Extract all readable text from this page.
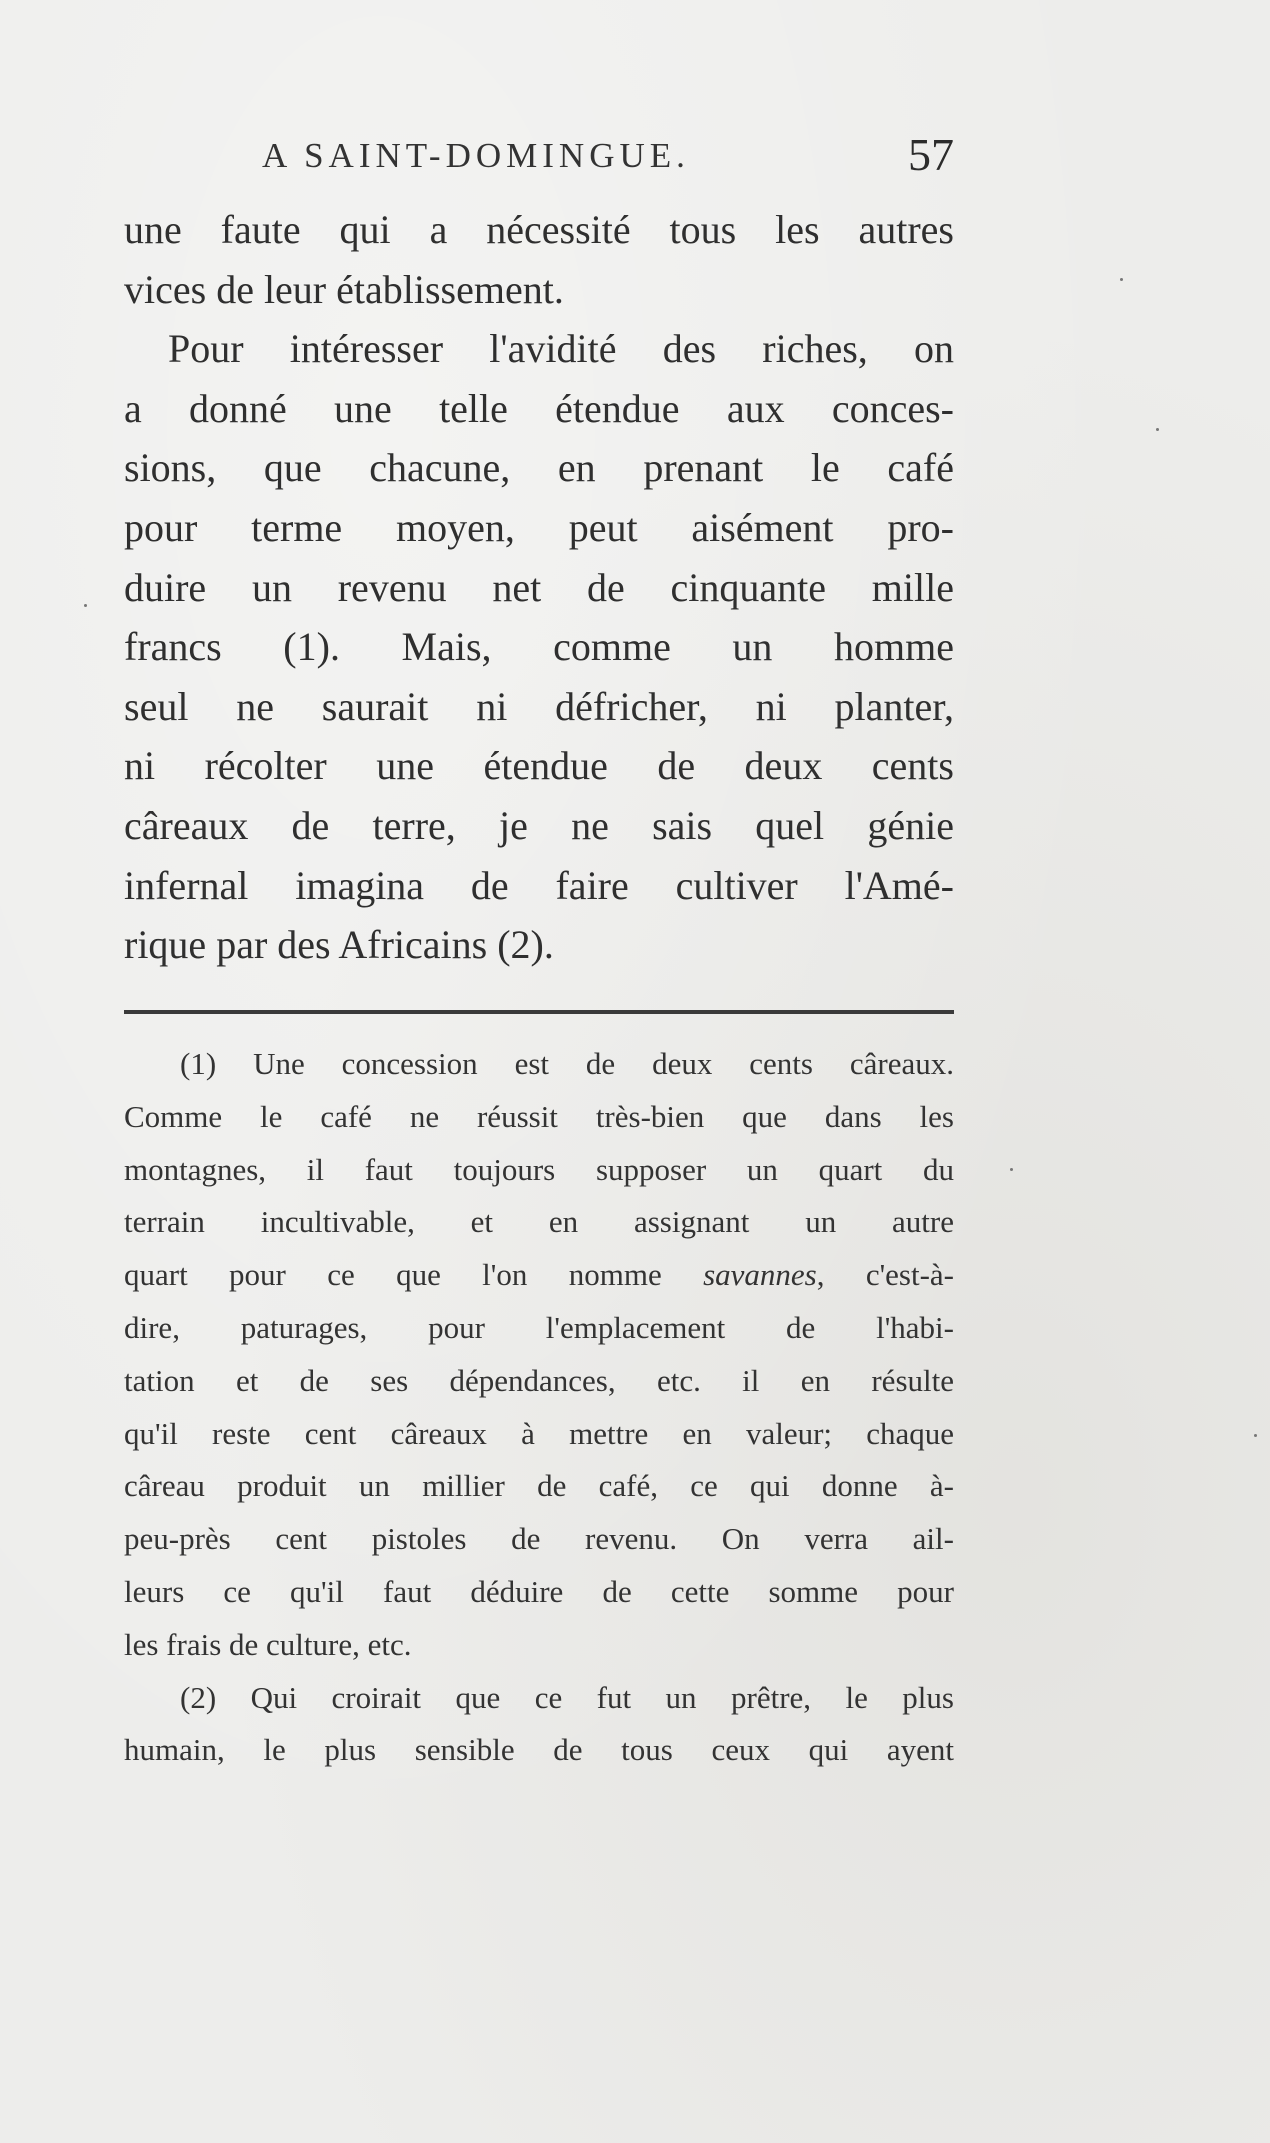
A SAINT-DOMINGUE.	57
une faute qui a nécessité tous les autres
vices de leur établissement.
Pour intéresser l'avidité des riches, on
a donné une telle étendue aux conces-
sions, que chacune, en prenant le café
pour terme moyen, peut aisément pro-
duire un revenu net de cinquante mille
francs (1). Mais, comme un homme
seul ne saurait ni défricher, ni planter,
ni récolter une étendue de deux cents
câreaux de terre, je ne sais quel génie
infernal imagina de faire cultiver l'Amé-
rique par des Africains (2).
(1) Une concession est de deux cents câreaux.
Comme le café ne réussit très-bien que dans les
montagnes, il faut toujours supposer un quart du
terrain incultivable, et en assignant un autre
quart pour ce que l'on nomme savannes, c'est-à-
dire, paturages, pour l'emplacement de l'habi-
tation et de ses dépendances, etc. il en résulte
qu'il reste cent câreaux à mettre en valeur; chaque
câreau produit un millier de café, ce qui donne à-
peu-près cent pistoles de revenu. On verra ail-
leurs ce qu'il faut déduire de cette somme pour
les frais de culture, etc.
(2) Qui croirait que ce fut un prêtre, le plus
humain, le plus sensible de tous ceux qui ayent
